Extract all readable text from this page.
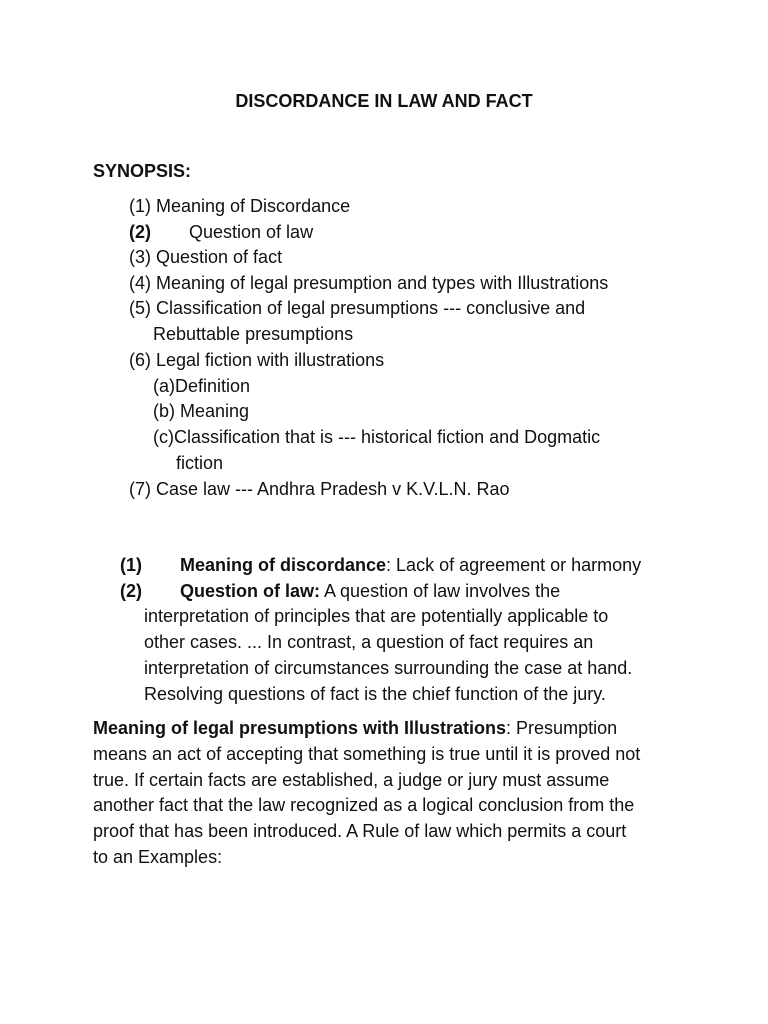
DISCORDANCE IN LAW AND FACT
SYNOPSIS:
(1) Meaning of Discordance
(2) Question of law
(3) Question of fact
(4) Meaning of legal presumption and types with Illustrations
(5) Classification of legal presumptions --- conclusive and
Rebuttable presumptions
(6) Legal fiction with illustrations
(a)Definition
(b) Meaning
(c)Classification that is --- historical fiction and Dogmatic
fiction
(7) Case law --- Andhra Pradesh v K.V.L.N. Rao
(1) Meaning of discordance: Lack of agreement or harmony
(2) Question of law: A question of law involves the
interpretation of principles that are potentially applicable to
other cases. ... In contrast, a question of fact requires an
interpretation of circumstances surrounding the case at hand.
Resolving questions of fact is the chief function of the jury.
Meaning of legal presumptions with Illustrations: Presumption
means an act of accepting that something is true until it is proved not
true. If certain facts are established, a judge or jury must assume
another fact that the law recognized as a logical conclusion from the
proof that has been introduced. A Rule of law which permits a court
to an Examples:
